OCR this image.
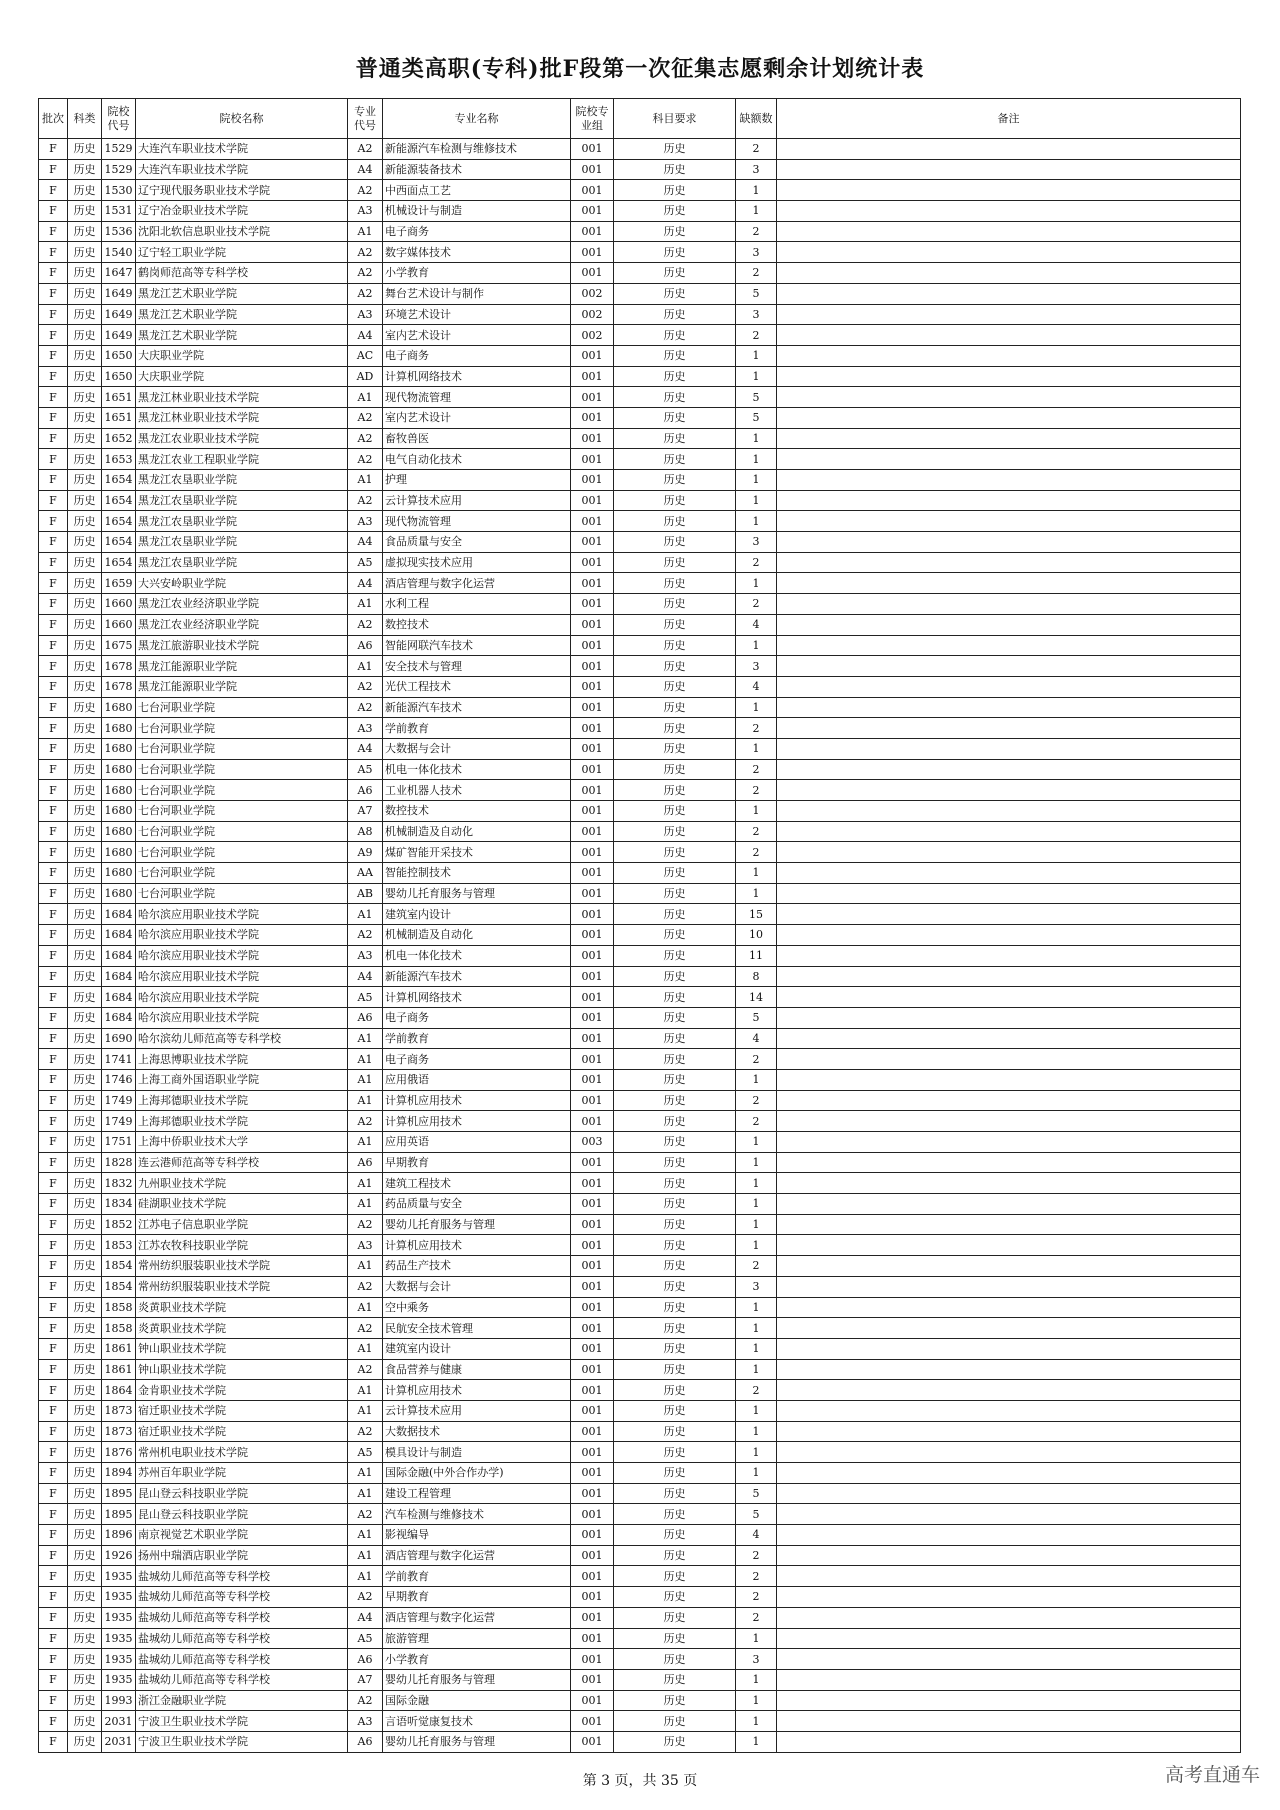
普通类高职(专科)批F段第一次征集志愿剩余计划统计表
批次	科类	院校代号	院校名称	专业代号	专业名称	院校专业组	科目要求	缺额数	备注
F	历史	1529	大连汽车职业技术学院	A2	新能源汽车检测与维修技术	001	历史	2	
F	历史	1529	大连汽车职业技术学院	A4	新能源装备技术	001	历史	3	
F	历史	1530	辽宁现代服务职业技术学院	A2	中西面点工艺	001	历史	1	
F	历史	1531	辽宁冶金职业技术学院	A3	机械设计与制造	001	历史	1	
F	历史	1536	沈阳北软信息职业技术学院	A1	电子商务	001	历史	2	
F	历史	1540	辽宁轻工职业学院	A2	数字媒体技术	001	历史	3	
F	历史	1647	鹤岗师范高等专科学校	A2	小学教育	001	历史	2	
F	历史	1649	黑龙江艺术职业学院	A2	舞台艺术设计与制作	002	历史	5	
F	历史	1649	黑龙江艺术职业学院	A3	环境艺术设计	002	历史	3	
F	历史	1649	黑龙江艺术职业学院	A4	室内艺术设计	002	历史	2	
F	历史	1650	大庆职业学院	AC	电子商务	001	历史	1	
F	历史	1650	大庆职业学院	AD	计算机网络技术	001	历史	1	
F	历史	1651	黑龙江林业职业技术学院	A1	现代物流管理	001	历史	5	
F	历史	1651	黑龙江林业职业技术学院	A2	室内艺术设计	001	历史	5	
F	历史	1652	黑龙江农业职业技术学院	A2	畜牧兽医	001	历史	1	
F	历史	1653	黑龙江农业工程职业学院	A2	电气自动化技术	001	历史	1	
F	历史	1654	黑龙江农垦职业学院	A1	护理	001	历史	1	
F	历史	1654	黑龙江农垦职业学院	A2	云计算技术应用	001	历史	1	
F	历史	1654	黑龙江农垦职业学院	A3	现代物流管理	001	历史	1	
F	历史	1654	黑龙江农垦职业学院	A4	食品质量与安全	001	历史	3	
F	历史	1654	黑龙江农垦职业学院	A5	虚拟现实技术应用	001	历史	2	
F	历史	1659	大兴安岭职业学院	A4	酒店管理与数字化运营	001	历史	1	
F	历史	1660	黑龙江农业经济职业学院	A1	水利工程	001	历史	2	
F	历史	1660	黑龙江农业经济职业学院	A2	数控技术	001	历史	4	
F	历史	1675	黑龙江旅游职业技术学院	A6	智能网联汽车技术	001	历史	1	
F	历史	1678	黑龙江能源职业学院	A1	安全技术与管理	001	历史	3	
F	历史	1678	黑龙江能源职业学院	A2	光伏工程技术	001	历史	4	
F	历史	1680	七台河职业学院	A2	新能源汽车技术	001	历史	1	
F	历史	1680	七台河职业学院	A3	学前教育	001	历史	2	
F	历史	1680	七台河职业学院	A4	大数据与会计	001	历史	1	
F	历史	1680	七台河职业学院	A5	机电一体化技术	001	历史	2	
F	历史	1680	七台河职业学院	A6	工业机器人技术	001	历史	2	
F	历史	1680	七台河职业学院	A7	数控技术	001	历史	1	
F	历史	1680	七台河职业学院	A8	机械制造及自动化	001	历史	2	
F	历史	1680	七台河职业学院	A9	煤矿智能开采技术	001	历史	2	
F	历史	1680	七台河职业学院	AA	智能控制技术	001	历史	1	
F	历史	1680	七台河职业学院	AB	婴幼儿托育服务与管理	001	历史	1	
F	历史	1684	哈尔滨应用职业技术学院	A1	建筑室内设计	001	历史	15	
F	历史	1684	哈尔滨应用职业技术学院	A2	机械制造及自动化	001	历史	10	
F	历史	1684	哈尔滨应用职业技术学院	A3	机电一体化技术	001	历史	11	
F	历史	1684	哈尔滨应用职业技术学院	A4	新能源汽车技术	001	历史	8	
F	历史	1684	哈尔滨应用职业技术学院	A5	计算机网络技术	001	历史	14	
F	历史	1684	哈尔滨应用职业技术学院	A6	电子商务	001	历史	5	
F	历史	1690	哈尔滨幼儿师范高等专科学校	A1	学前教育	001	历史	4	
F	历史	1741	上海思博职业技术学院	A1	电子商务	001	历史	2	
F	历史	1746	上海工商外国语职业学院	A1	应用俄语	001	历史	1	
F	历史	1749	上海邦德职业技术学院	A1	计算机应用技术	001	历史	2	
F	历史	1749	上海邦德职业技术学院	A2	计算机应用技术	001	历史	2	
F	历史	1751	上海中侨职业技术大学	A1	应用英语	003	历史	1	
F	历史	1828	连云港师范高等专科学校	A6	早期教育	001	历史	1	
F	历史	1832	九州职业技术学院	A1	建筑工程技术	001	历史	1	
F	历史	1834	硅湖职业技术学院	A1	药品质量与安全	001	历史	1	
F	历史	1852	江苏电子信息职业学院	A2	婴幼儿托育服务与管理	001	历史	1	
F	历史	1853	江苏农牧科技职业学院	A3	计算机应用技术	001	历史	1	
F	历史	1854	常州纺织服装职业技术学院	A1	药品生产技术	001	历史	2	
F	历史	1854	常州纺织服装职业技术学院	A2	大数据与会计	001	历史	3	
F	历史	1858	炎黄职业技术学院	A1	空中乘务	001	历史	1	
F	历史	1858	炎黄职业技术学院	A2	民航安全技术管理	001	历史	1	
F	历史	1861	钟山职业技术学院	A1	建筑室内设计	001	历史	1	
F	历史	1861	钟山职业技术学院	A2	食品营养与健康	001	历史	1	
F	历史	1864	金肯职业技术学院	A1	计算机应用技术	001	历史	2	
F	历史	1873	宿迁职业技术学院	A1	云计算技术应用	001	历史	1	
F	历史	1873	宿迁职业技术学院	A2	大数据技术	001	历史	1	
F	历史	1876	常州机电职业技术学院	A5	模具设计与制造	001	历史	1	
F	历史	1894	苏州百年职业学院	A1	国际金融(中外合作办学)	001	历史	1	
F	历史	1895	昆山登云科技职业学院	A1	建设工程管理	001	历史	5	
F	历史	1895	昆山登云科技职业学院	A2	汽车检测与维修技术	001	历史	5	
F	历史	1896	南京视觉艺术职业学院	A1	影视编导	001	历史	4	
F	历史	1926	扬州中瑞酒店职业学院	A1	酒店管理与数字化运营	001	历史	2	
F	历史	1935	盐城幼儿师范高等专科学校	A1	学前教育	001	历史	2	
F	历史	1935	盐城幼儿师范高等专科学校	A2	早期教育	001	历史	2	
F	历史	1935	盐城幼儿师范高等专科学校	A4	酒店管理与数字化运营	001	历史	2	
F	历史	1935	盐城幼儿师范高等专科学校	A5	旅游管理	001	历史	1	
F	历史	1935	盐城幼儿师范高等专科学校	A6	小学教育	001	历史	3	
F	历史	1935	盐城幼儿师范高等专科学校	A7	婴幼儿托育服务与管理	001	历史	1	
F	历史	1993	浙江金融职业学院	A2	国际金融	001	历史	1	
F	历史	2031	宁波卫生职业技术学院	A3	言语听觉康复技术	001	历史	1	
F	历史	2031	宁波卫生职业技术学院	A6	婴幼儿托育服务与管理	001	历史	1	
第 3 页，共 35 页	高考直通车
